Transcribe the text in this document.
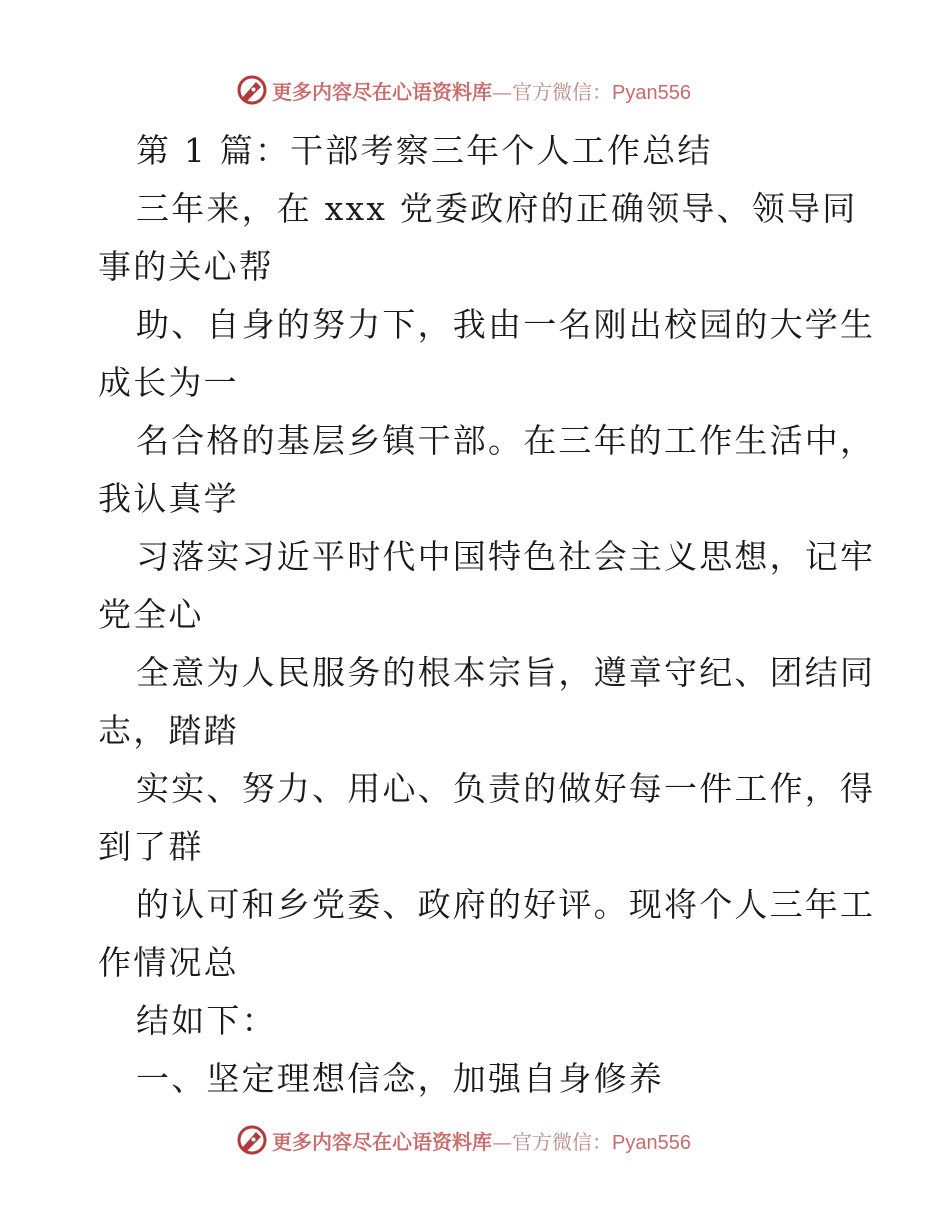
更多内容尽在心语资料库—官方微信：Pyan556
第 1 篇：干部考察三年个人工作总结
三年来，在 xxx 党委政府的正确领导、领导同
事的关心帮
助、自身的努力下，我由一名刚出校园的大学生
成长为一
名合格的基层乡镇干部。在三年的工作生活中，
我认真学
习落实习近平时代中国特色社会主义思想，记牢
党全心
全意为人民服务的根本宗旨，遵章守纪、团结同
志，踏踏
实实、努力、用心、负责的做好每一件工作，得
到了群
的认可和乡党委、政府的好评。现将个人三年工
作情况总
结如下：
一、坚定理想信念，加强自身修养
更多内容尽在心语资料库—官方微信：Pyan556
